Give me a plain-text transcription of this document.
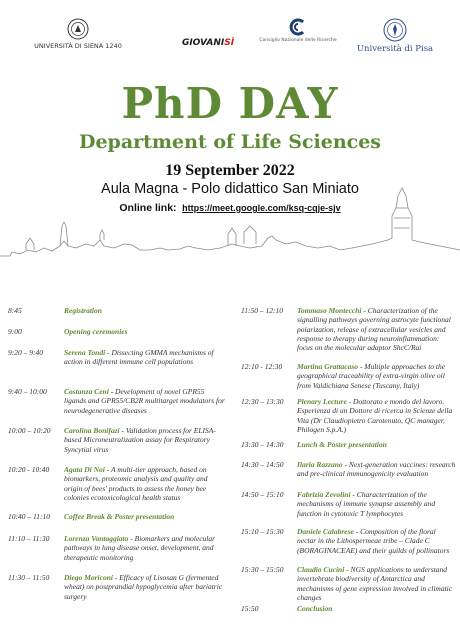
UNIVERSITÀ DI SIENA 1240	GIOVANISÌ	Consiglio Nazionale delle Ricerche
Università di Pisa
PhD DAY
Department of Life Sciences
19 September 2022
Aula Magna - Polo didattico San Miniato
Online link: https://meet.google.com/ksq-cqje-sjv
8:45	Registration
9:00	Opening ceremonies
9:20 – 9:40	Serena Tondi - Dissecting GMMA mechanisms of action in different immune cell populations
9:40 – 10:00	Costanza Ceni - Development of novel GPR55 ligands and GPR55/CB2R multitarget modulators for neurodegenerative diseases
10:00 – 10:20	Carolina Bonifazi - Validation process for ELISA-based Microneutralization assay for Respiratory Syncytial virus
10:20 - 10:40	Agata Di Noi - A multi-tier approach, based on biomarkers, proteomic analysis and quality and origin of bees' products to assess the honey bee colonies ecotoxicological health status
10:40 – 11:10	Coffee Break & Poster presentation
11:10 – 11:30	Lorenza Vantaggiato - Biomarkers and molecular pathways in lung disease onset, development, and therapeutic monitoring
11:30 – 11:50	Diego Moriconi - Efficacy of Lisosan G (fermented wheat) on postprandial hypoglycemia after bariatric surgery
11:50 – 12:10	Tommaso Montecchi - Characterization of the signalling pathways governing astrocyte functional polarization, release of extracellular vesicles and response to therapy during neuroinflammation: focus on the molecular adaptor ShcC/Rai
12:10 - 12:30	Martina Grattacaso - Multiple approaches to the geographical traceability of extra-virgin olive oil from Valdichiana Senese (Tuscany, Italy)
12:30 – 13:30	Plenary Lecture - Dottorato e mondo del lavoro. Esperienza di un Dottore di ricerca in Scienze della Vita (Dr Claudiopietro Carotenuto, QC manager, Philogen S.p.A.)
13:30 – 14:30	Lunch & Poster presentation
14:30 – 14:50	Ilaria Razzano - Next-generation vaccines: research and pre-clinical immunogenicity evaluation
14:50 – 15:10	Fabrizia Zevolini - Characterization of the mechanisms of immune synapse assembly and function in cytotoxic T lymphocytes
15:10 – 15:30	Daniele Calabrese - Composition of the floral nectar in the Lithospermeae tribe – Clade C (BORAGINACEAE) and their guilds of pollinators
15:30 – 15:50	Claudio Cucini - NGS applications to understand invertebrate biodiversity of Antarctica and mechanisms of gene expression involved in climatic changes
15:50	Conclusion
